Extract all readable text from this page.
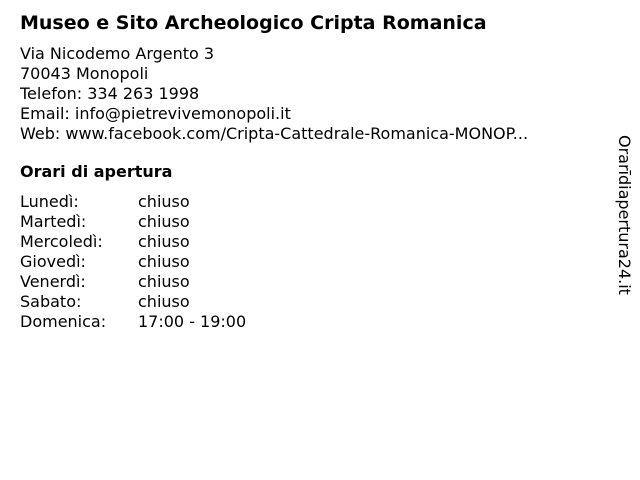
Museo e Sito Archeologico Cripta Romanica
Via Nicodemo Argento 3
70043 Monopoli
Telefon: 334 263 1998
Email: info@pietrevivemonopoli.it
Web: www.facebook.com/Cripta-Cattedrale-Romanica-MONOP...
Orari di apertura
Lunedì:	chiuso
Martedì:	chiuso
Mercoledì:	chiuso
Giovedì:	chiuso
Venerdì:	chiuso
Sabato:	chiuso
Domenica:	17:00 - 19:00
Orarīdiapertura24.it
